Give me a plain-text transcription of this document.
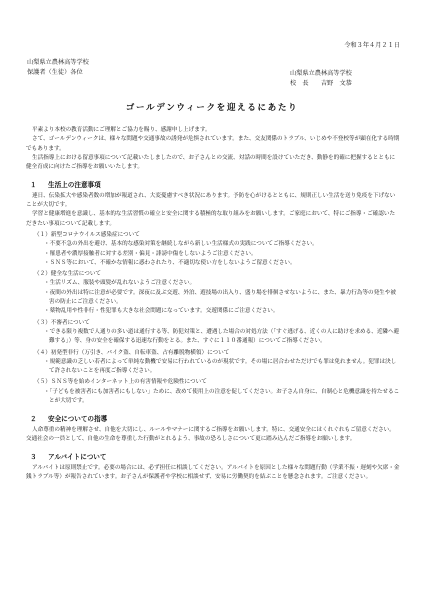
令和３年４月２１日
山梨県立農林高等学校
保護者（生徒）各位	山梨県立農林高等学校
校　長　　吉野　文恭
ゴールデンウィークを迎えるにあたり

平素より本校の教育活動にご理解とご協力を賜り、感謝申し上げます。

さて、ゴールデンウィークは、様々な問題や交通事故の誘発が危惧されています。また、交友関係のトラブル、いじめや不登校等が顕在化する時期でもあります。

生活指導上における留意事項について記載いたしましたので、お子さんとの交流、対話の時間を設けていただき、動静を的確に把握するとともに健全育成に向けたご指導をお願いいたします。

１ 生活上の注意事項

連日、伝染拡大や感染者数の増加が報道され、大変憂慮すべき状況にあります。予防を心がけるとともに、規則正しい生活を送り免疫を下げないことが大切です。

学習と健康増進を意識し、基本的な生活習慣の確立と安全に関する積極的な取り組みをお願いします。ご家庭において、特にご指導・ご確認いただきたい事項について記載します。

（１）新型コロナウイルス感染症について
・不要不急の外出を避け、基本的な感染対策を継続しながら新しい生活様式の実践についてご指導ください。
・罹患者や濃厚接触者に対する差別・偏見・誹謗中傷をしないようご注意ください。
・ＳＮＳ等において、不確かな情報に惑わされたり、不適切な使い方をしないようご留意ください。
（２）健全な生活について
・生活リズム、服装や頭髪が乱れないようご注意ください。
・夜間の外出は特に注意が必要です。深夜に及ぶ交遊、外泊、遊技場の出入り、盛り場を徘徊させないように、また、暴力行為等の発生や被害の防止にご注意ください。
・薬物乱用や性非行・性犯罪も大きな社会問題になっています。交遊関係にご注意ください。
（３）不審者について
・できる限り複数で人通りの多い道は通行する等、防犯対策と、遭遇した場合の対処方法（「すぐ逃げる、近くの人に助けを求める、近隣へ避難する」）等、身の安全を確保する迅速な行動をとる。また、すぐに１１０番通報）についてご指導ください。
（４）初発型非行（万引き、バイク盗、自転車盗、占有離脱物横領）について
・規範意識の乏しい若者によって単純な動機で安易に行われているのが現状です。その場に居合わせただけでも罪は免れません。犯罪は決して許されないことを再度ご指導ください。
（５）ＳＮＳ等を始めインターネット上の有害情報や危険性について
・「子どもを被害者にも加害者にもしない」ために、改めて使用上の注意を促してください。お子さん自身に、自制心と危機意識を持たせることが大切です。
２ 安全についての指導

人命尊重の精神を理解させ、自他を大切にし、ルールやマナーに関するご指導をお願いします。特に、交通安全にはくれぐれもご留意ください。交通社会の一員として、自他の生命を尊重した行動がとれるよう、事故の恐ろしさについて更に踏み込んだご指導をお願いします。

３ アルバイトについて

アルバイトは原則禁止です。必要の場合には、必ず担任に相談してください。アルバイトを原因とした様々な問題行動（学業不振・遅刻や欠席・金銭トラブル等）が報告されています。お子さんが保護者や学校に相談せず、安易に労働契約を結ぶことを懸念されます。ご注意ください。
